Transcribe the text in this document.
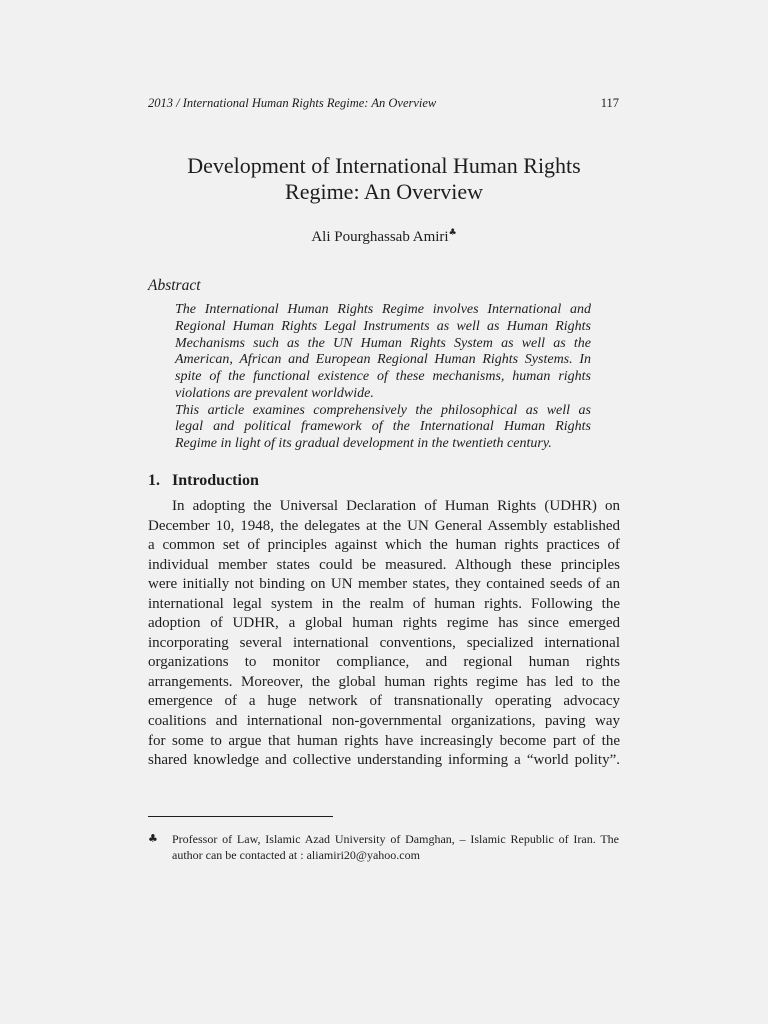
2013 / International Human Rights Regime: An Overview	117
Development of International Human Rights
Regime: An Overview
Ali Pourghassab Amiri♣
Abstract
The International Human Rights Regime involves International and
Regional Human Rights Legal Instruments as well as Human Rights
Mechanisms such as the UN Human Rights System as well as the
American, African and European Regional Human Rights Systems. In
spite of the functional existence of these mechanisms, human rights
violations are prevalent worldwide.
This article examines comprehensively the philosophical as well as
legal and political framework of the International Human Rights
Regime in light of its gradual development in the twentieth century.
1. Introduction
In adopting the Universal Declaration of Human Rights (UDHR) on
December 10, 1948, the delegates at the UN General Assembly established
a common set of principles against which the human rights practices of
individual member states could be measured. Although these principles
were initially not binding on UN member states, they contained seeds of an
international legal system in the realm of human rights. Following the
adoption of UDHR, a global human rights regime has since emerged
incorporating several international conventions, specialized international
organizations to monitor compliance, and regional human rights
arrangements. Moreover, the global human rights regime has led to the
emergence of a huge network of transnationally operating advocacy
coalitions and international non-governmental organizations, paving way
for some to argue that human rights have increasingly become part of the
shared knowledge and collective understanding informing a “world polity”.
♣ Professor of Law, Islamic Azad University of Damghan, – Islamic Republic of Iran. The
author can be contacted at : aliamiri20@yahoo.com
